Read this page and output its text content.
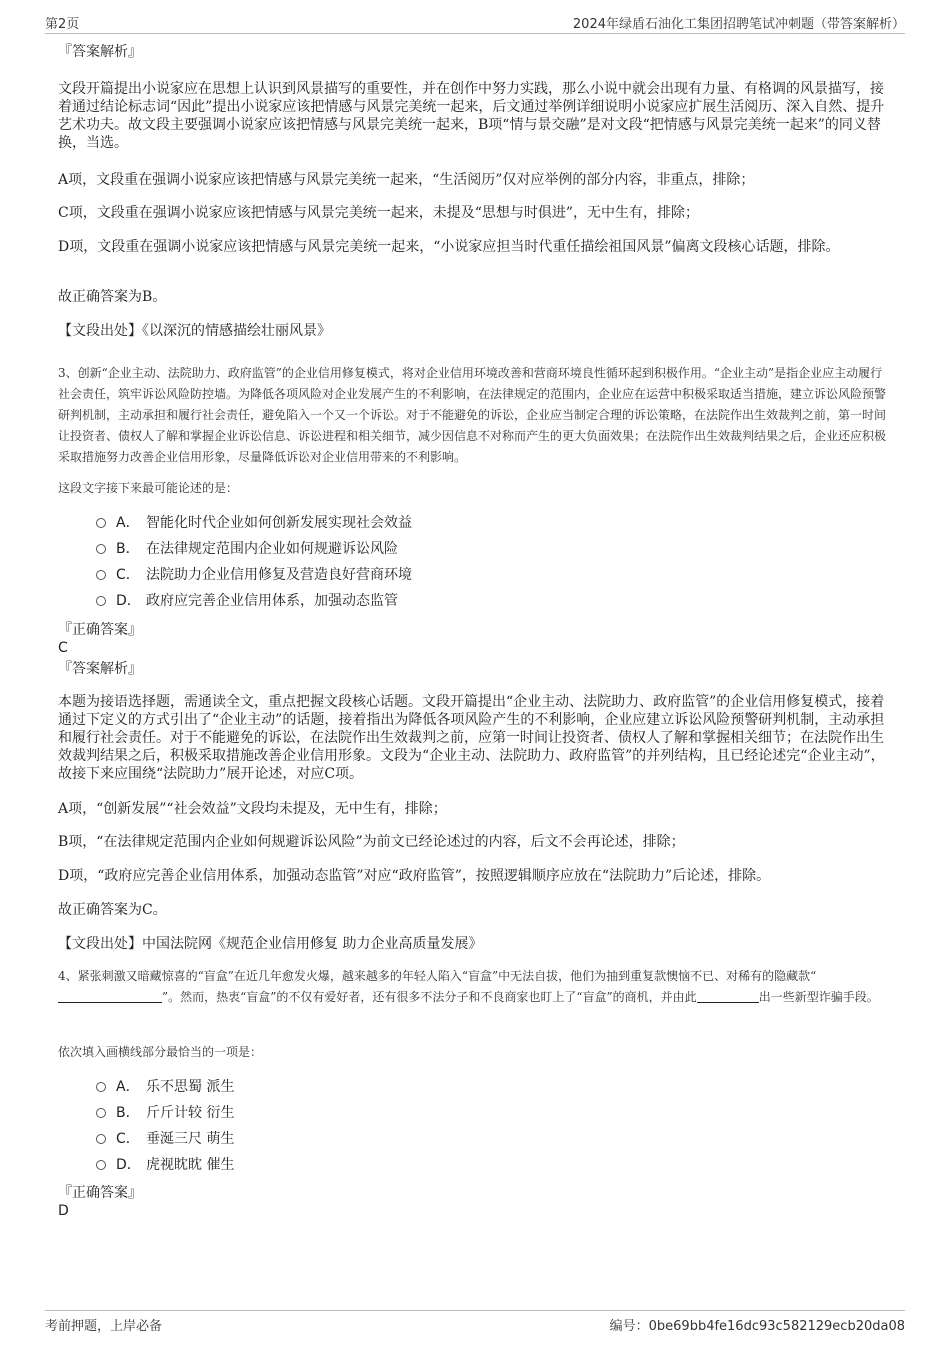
第2页	2024年绿盾石油化工集团招聘笔试冲刺题（带答案解析）

『答案解析』

文段开篇提出小说家应在思想上认识到风景描写的重要性，并在创作中努力实践，那么小说中就会出现有力量、有格调的风景描写，接着通过结论标志词“因此”提出小说家应该把情感与风景完美统一起来，后文通过举例详细说明小说家应扩展生活阅历、深入自然、提升艺术功夫。故文段主要强调小说家应该把情感与风景完美统一起来，B项“情与景交融”是对文段“把情感与风景完美统一起来”的同义替换，当选。

A项，文段重在强调小说家应该把情感与风景完美统一起来，“生活阅历”仅对应举例的部分内容，非重点，排除；

C项，文段重在强调小说家应该把情感与风景完美统一起来，未提及“思想与时俱进”，无中生有，排除；

D项，文段重在强调小说家应该把情感与风景完美统一起来，“小说家应担当时代重任描绘祖国风景”偏离文段核心话题，排除。

故正确答案为B。

【文段出处】《以深沉的情感描绘壮丽风景》

3、创新“企业主动、法院助力、政府监管”的企业信用修复模式，将对企业信用环境改善和营商环境良性循环起到积极作用。“企业主动”是指企业应主动履行社会责任，筑牢诉讼风险防控墙。为降低各项风险对企业发展产生的不利影响，在法律规定的范围内，企业应在运营中积极采取适当措施，建立诉讼风险预警研判机制，主动承担和履行社会责任，避免陷入一个又一个诉讼。对于不能避免的诉讼，企业应当制定合理的诉讼策略，在法院作出生效裁判之前，第一时间让投资者、债权人了解和掌握企业诉讼信息、诉讼进程和相关细节，减少因信息不对称而产生的更大负面效果；在法院作出生效裁判结果之后，企业还应积极采取措施努力改善企业信用形象，尽量降低诉讼对企业信用带来的不利影响。

这段文字接下来最可能论述的是：

A． 智能化时代企业如何创新发展实现社会效益
B． 在法律规定范围内企业如何规避诉讼风险
C． 法院助力企业信用修复及营造良好营商环境
D． 政府应完善企业信用体系，加强动态监管

『正确答案』

C

『答案解析』

本题为接语选择题，需通读全文，重点把握文段核心话题。文段开篇提出“企业主动、法院助力、政府监管”的企业信用修复模式，接着通过下定义的方式引出了“企业主动”的话题，接着指出为降低各项风险产生的不利影响，企业应建立诉讼风险预警研判机制，主动承担和履行社会责任。对于不能避免的诉讼，在法院作出生效裁判之前，应第一时间让投资者、债权人了解和掌握相关细节；在法院作出生效裁判结果之后，积极采取措施改善企业信用形象。文段为“企业主动、法院助力、政府监管”的并列结构，且已经论述完“企业主动”，故接下来应围绕“法院助力”展开论述，对应C项。

A项，“创新发展”“社会效益”文段均未提及，无中生有，排除；

B项，“在法律规定范围内企业如何规避诉讼风险”为前文已经论述过的内容，后文不会再论述，排除；

D项，“政府应完善企业信用体系，加强动态监管”对应“政府监管”，按照逻辑顺序应放在“法院助力”后论述，排除。

故正确答案为C。

【文段出处】中国法院网《规范企业信用修复 助力企业高质量发展》

4、紧张刺激又暗藏惊喜的“盲盒”在近几年愈发火爆，越来越多的年轻人陷入“盲盒”中无法自拔，他们为抽到重复款懊恼不已、对稀有的隐藏款“”。然而，热衷“盲盒”的不仅有爱好者，还有很多不法分子和不良商家也盯上了“盲盒”的商机，并由此	出一些新型诈骗手段。

依次填入画横线部分最恰当的一项是：

A． 乐不思蜀 派生
B． 斤斤计较 衍生
C． 垂涎三尺 萌生
D． 虎视眈眈 催生

『正确答案』

D

考前押题，上岸必备	编号：0be69bb4fe16dc93c582129ecb20da08
